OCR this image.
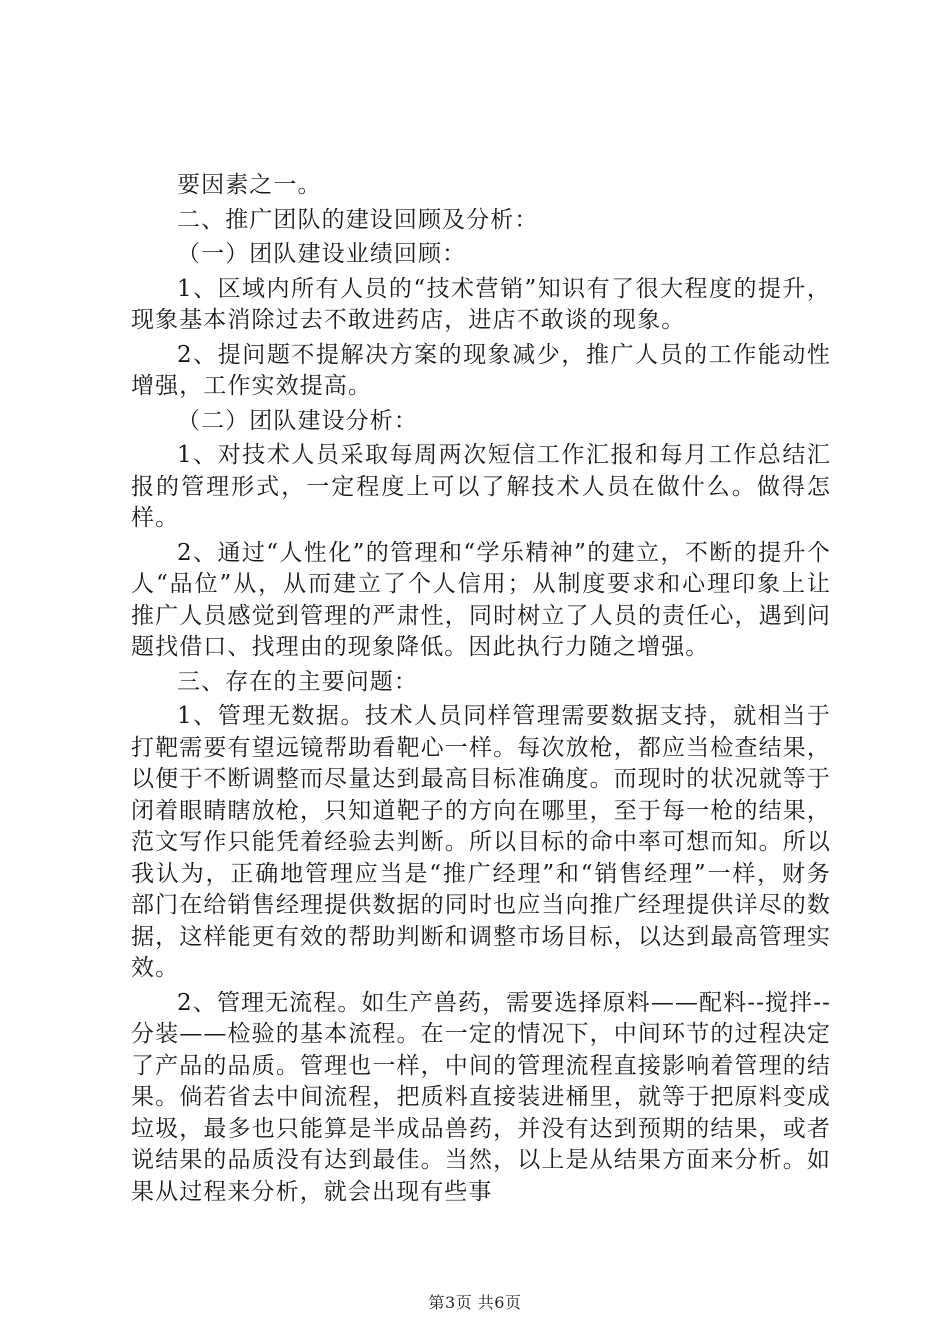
要因素之一。

二、推广团队的建设回顾及分析：

（一）团队建设业绩回顾：

1、区域内所有人员的“技术营销”知识有了很大程度的提升，现象基本消除过去不敢进药店，进店不敢谈的现象。

2、提问题不提解决方案的现象减少，推广人员的工作能动性增强，工作实效提高。

（二）团队建设分析：

1、对技术人员采取每周两次短信工作汇报和每月工作总结汇报的管理形式，一定程度上可以了解技术人员在做什么。做得怎样。

2、通过“人性化”的管理和“学乐精神”的建立，不断的提升个人“品位”从，从而建立了个人信用；从制度要求和心理印象上让推广人员感觉到管理的严肃性，同时树立了人员的责任心，遇到问题找借口、找理由的现象降低。因此执行力随之增强。

三、存在的主要问题：

1、管理无数据。技术人员同样管理需要数据支持，就相当于打靶需要有望远镜帮助看靶心一样。每次放枪，都应当检查结果，以便于不断调整而尽量达到最高目标准确度。而现时的状况就等于闭着眼睛瞎放枪，只知道靶子的方向在哪里，至于每一枪的结果，范文写作只能凭着经验去判断。所以目标的命中率可想而知。所以我认为，正确地管理应当是“推广经理”和“销售经理”一样，财务部门在给销售经理提供数据的同时也应当向推广经理提供详尽的数据，这样能更有效的帮助判断和调整市场目标，以达到最高管理实效。

2、管理无流程。如生产兽药，需要选择原料——配料--搅拌--分装——检验的基本流程。在一定的情况下，中间环节的过程决定了产品的品质。管理也一样，中间的管理流程直接影响着管理的结果。倘若省去中间流程，把质料直接装进桶里，就等于把原料变成垃圾，最多也只能算是半成品兽药，并没有达到预期的结果，或者说结果的品质没有达到最佳。当然，以上是从结果方面来分析。如果从过程来分析，就会出现有些事

第3页 共6页
